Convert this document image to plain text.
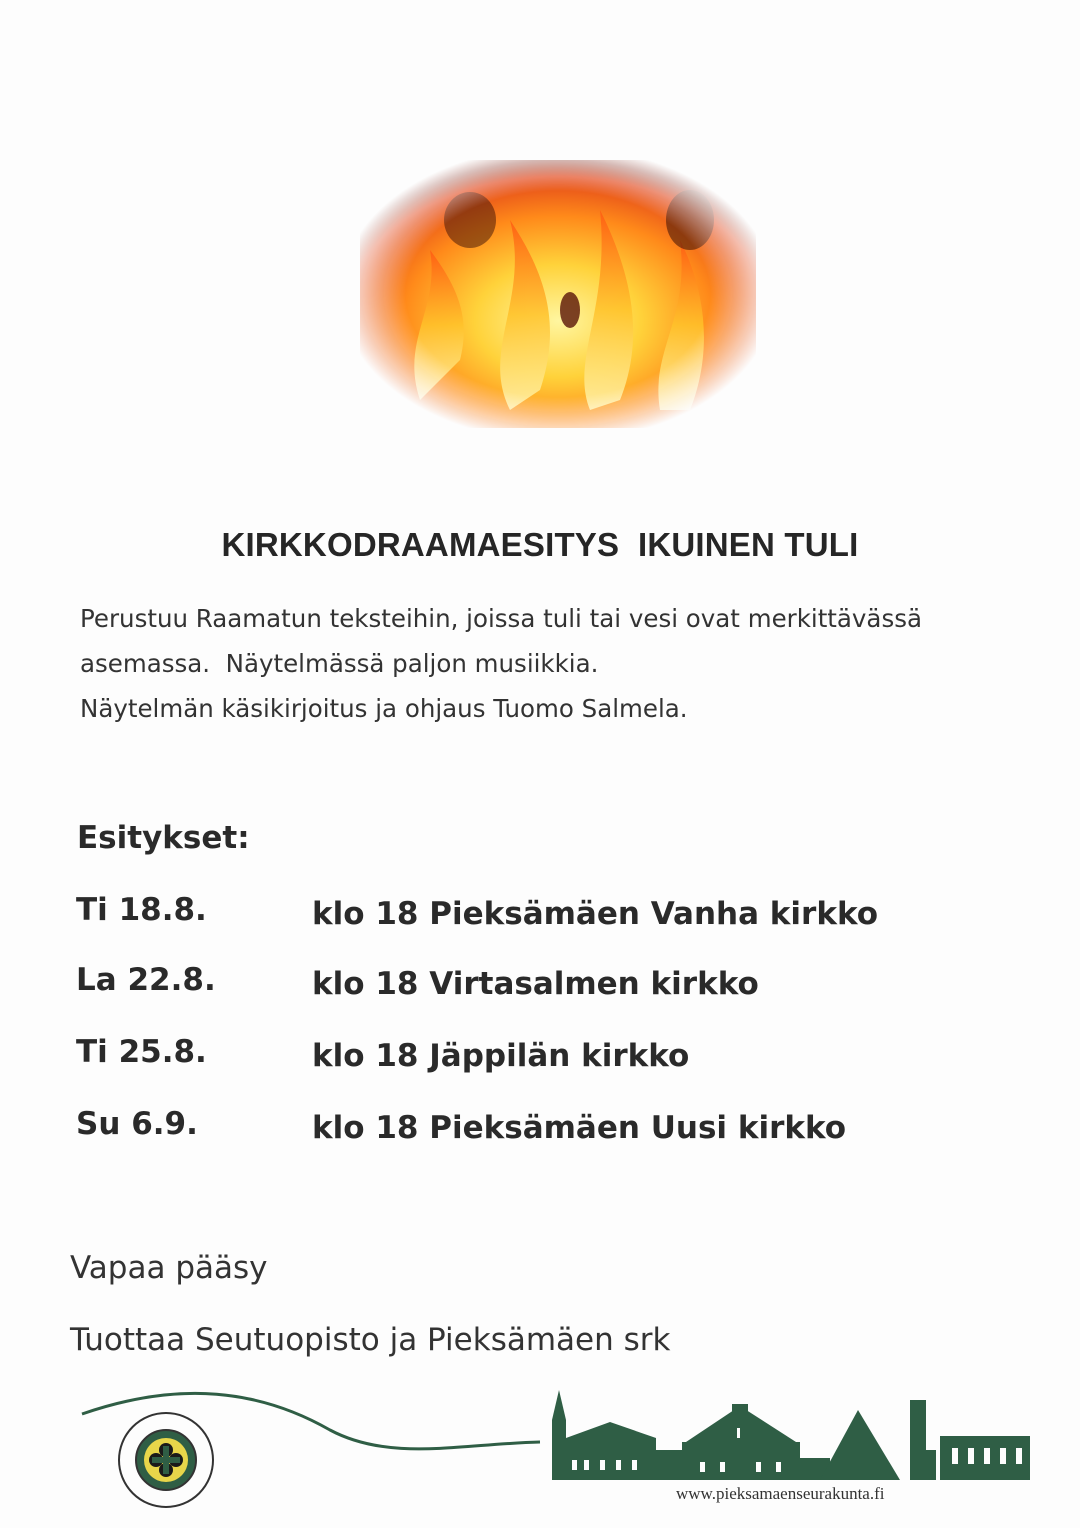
KIRKKODRAAMAESITYS  IKUINEN TULI
Perustuu Raamatun teksteihin, joissa tuli tai vesi ovat merkittävässä
asemassa.  Näytelmässä paljon musiikkia.
Näytelmän käsikirjoitus ja ohjaus Tuomo Salmela.
Esitykset:
Ti 18.8.	klo 18 Pieksämäen Vanha kirkko
La 22.8.	klo 18 Virtasalmen kirkko
Ti 25.8.	klo 18 Jäppilän kirkko
Su 6.9.	klo 18 Pieksämäen Uusi kirkko
Vapaa pääsy
Tuottaa Seutuopisto ja Pieksämäen srk
www.pieksamaenseurakunta.fi
